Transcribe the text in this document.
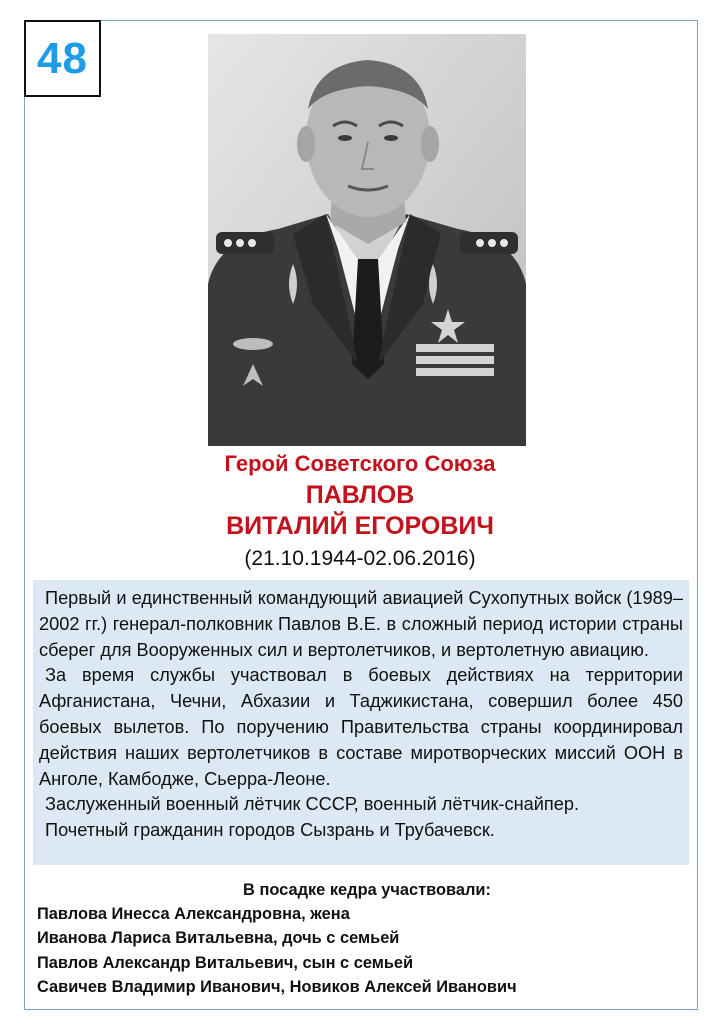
48
Герой Советского Союза
ПАВЛОВ
ВИТАЛИЙ ЕГОРОВИЧ
(21.10.1944-02.06.2016)

Первый и единственный командующий авиацией Сухопутных войск (1989–2002 гг.) генерал-полковник Павлов В.Е. в сложный период истории страны сберег для Вооруженных сил и вертолетчиков, и вертолетную авиацию.

За время службы участвовал в боевых действиях на территории Афганистана, Чечни, Абхазии и Таджикистана, совершил более 450 боевых вылетов. По поручению Правительства страны координировал действия наших вертолетчиков в составе миротворческих миссий ООН в Анголе, Камбодже, Сьерра-Леоне.

Заслуженный военный лётчик СССР, военный лётчик-снайпер.

Почетный гражданин городов Сызрань и Трубачевск.

В посадке кедра участвовали:
Павлова Инесса Александровна, жена
Иванова Лариса Витальевна, дочь с семьей
Павлов Александр Витальевич, сын с семьей
Савичев Владимир Иванович, Новиков Алексей Иванович
